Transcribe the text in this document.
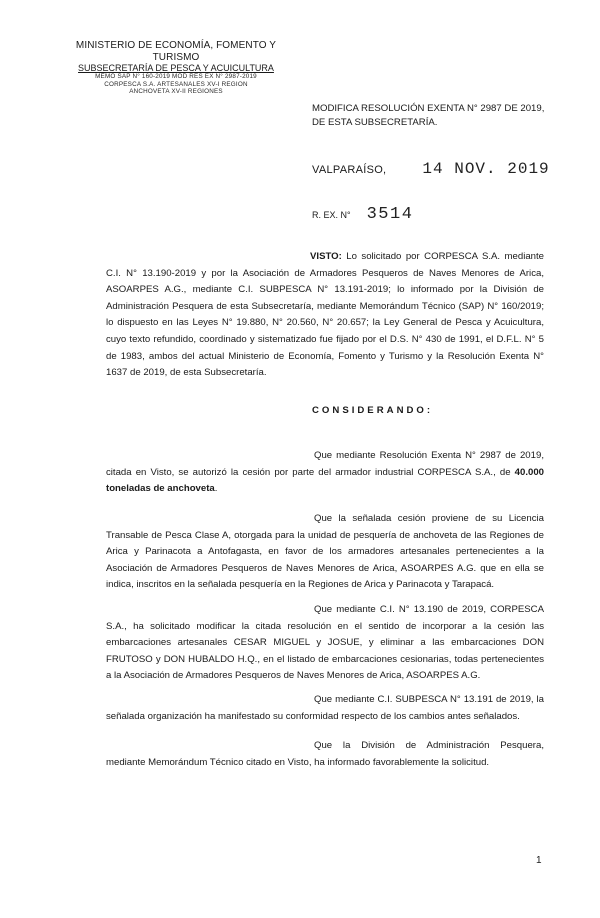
MINISTERIO DE ECONOMÍA, FOMENTO Y TURISMO
SUBSECRETARÍA DE PESCA Y ACUICULTURA
MEMO SAP N° 160-2019 MOD RES EX N° 2987-2019
CORPESCA S.A. ARTESANALES XV-I REGION
ANCHOVETA XV-II REGIONES
MODIFICA RESOLUCIÓN EXENTA N° 2987 DE 2019, DE ESTA SUBSECRETARÍA.
VALPARAÍSO, 14 NOV. 2019
R. EX. N° 3514
VISTO: Lo solicitado por CORPESCA S.A. mediante C.I. N° 13.190-2019 y por la Asociación de Armadores Pesqueros de Naves Menores de Arica, ASOARPES A.G., mediante C.I. SUBPESCA N° 13.191-2019; lo informado por la División de Administración Pesquera de esta Subsecretaría, mediante Memorándum Técnico (SAP) N° 160/2019; lo dispuesto en las Leyes N° 19.880, N° 20.560, N° 20.657; la Ley General de Pesca y Acuicultura, cuyo texto refundido, coordinado y sistematizado fue fijado por el D.S. N° 430 de 1991, el D.F.L. N° 5 de 1983, ambos del actual Ministerio de Economía, Fomento y Turismo y la Resolución Exenta N° 1637 de 2019, de esta Subsecretaría.
CONSIDERANDO:
Que mediante Resolución Exenta N° 2987 de 2019, citada en Visto, se autorizó la cesión por parte del armador industrial CORPESCA S.A., de 40.000 toneladas de anchoveta.
Que la señalada cesión proviene de su Licencia Transable de Pesca Clase A, otorgada para la unidad de pesquería de anchoveta de las Regiones de Arica y Parinacota a Antofagasta, en favor de los armadores artesanales pertenecientes a la Asociación de Armadores Pesqueros de Naves Menores de Arica, ASOARPES A.G. que en ella se indica, inscritos en la señalada pesquería en la Regiones de Arica y Parinacota y Tarapacá.
Que mediante C.I. N° 13.190 de 2019, CORPESCA S.A., ha solicitado modificar la citada resolución en el sentido de incorporar a la cesión las embarcaciones artesanales CESAR MIGUEL y JOSUE, y eliminar a las embarcaciones DON FRUTOSO y DON HUBALDO H.Q., en el listado de embarcaciones cesionarias, todas pertenecientes a la Asociación de Armadores Pesqueros de Naves Menores de Arica, ASOARPES A.G.
Que mediante C.I. SUBPESCA N° 13.191 de 2019, la señalada organización ha manifestado su conformidad respecto de los cambios antes señalados.
Que la División de Administración Pesquera, mediante Memorándum Técnico citado en Visto, ha informado favorablemente la solicitud.
1
